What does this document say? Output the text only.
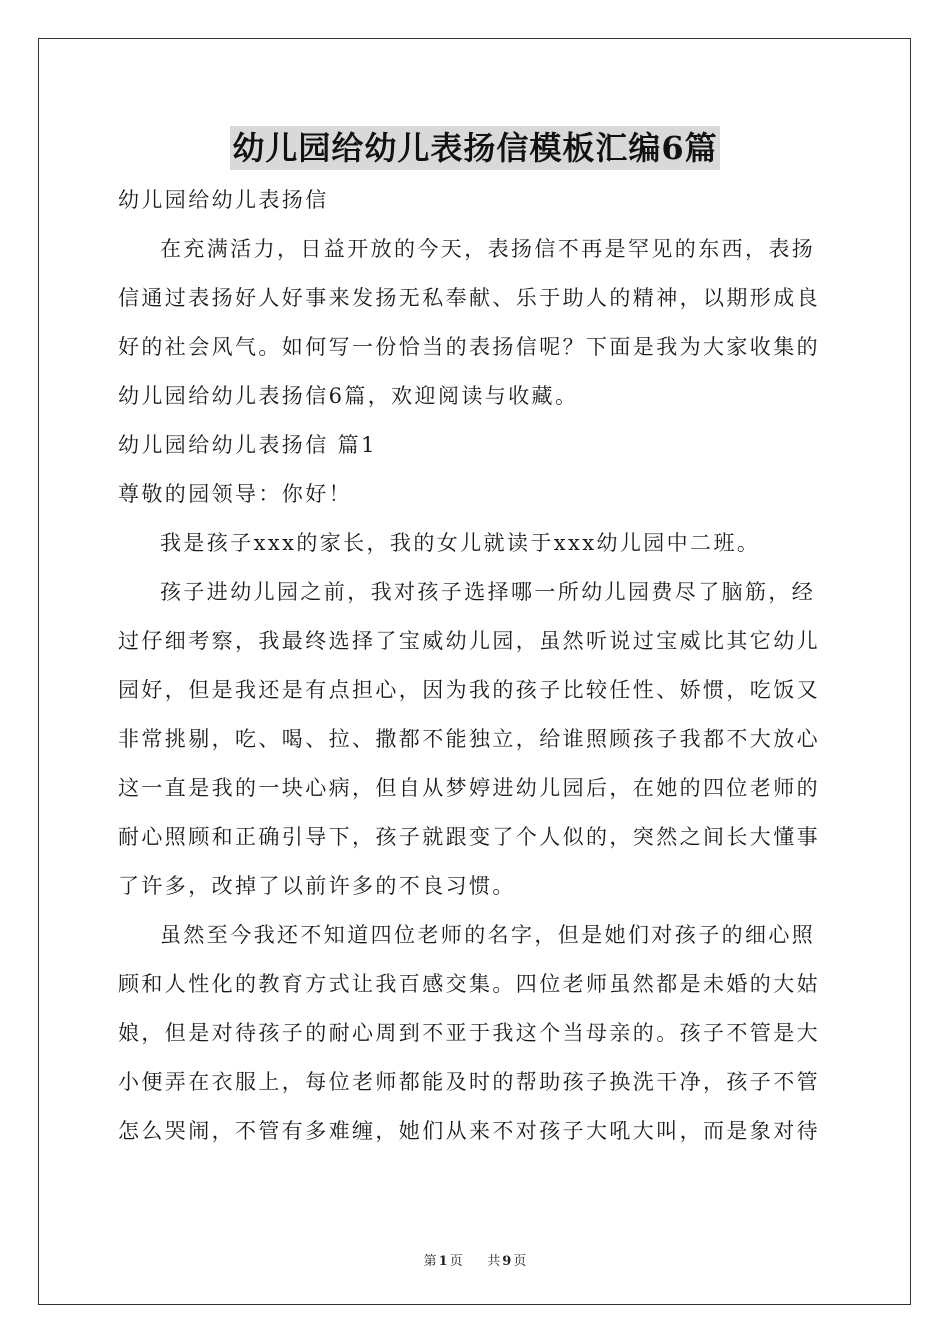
幼儿园给幼儿表扬信模板汇编6篇

幼儿园给幼儿表扬信

在充满活力，日益开放的今天，表扬信不再是罕见的东西，表扬信通过表扬好人好事来发扬无私奉献、乐于助人的精神，以期形成良好的社会风气。如何写一份恰当的表扬信呢？下面是我为大家收集的幼儿园给幼儿表扬信6篇，欢迎阅读与收藏。

幼儿园给幼儿表扬信 篇1

尊敬的园领导：你好！

我是孩子xxx的家长，我的女儿就读于xxx幼儿园中二班。

孩子进幼儿园之前，我对孩子选择哪一所幼儿园费尽了脑筋，经过仔细考察，我最终选择了宝威幼儿园，虽然听说过宝威比其它幼儿园好，但是我还是有点担心，因为我的孩子比较任性、娇惯，吃饭又非常挑剔，吃、喝、拉、撒都不能独立，给谁照顾孩子我都不大放心这一直是我的一块心病，但自从梦婷进幼儿园后，在她的四位老师的耐心照顾和正确引导下，孩子就跟变了个人似的，突然之间长大懂事了许多，改掉了以前许多的不良习惯。

虽然至今我还不知道四位老师的名字，但是她们对孩子的细心照顾和人性化的教育方式让我百感交集。四位老师虽然都是未婚的大姑娘，但是对待孩子的耐心周到不亚于我这个当母亲的。孩子不管是大小便弄在衣服上，每位老师都能及时的帮助孩子换洗干净，孩子不管怎么哭闹，不管有多难缠，她们从来不对孩子大吼大叫，而是象对待

第 1 页 共 9 页
